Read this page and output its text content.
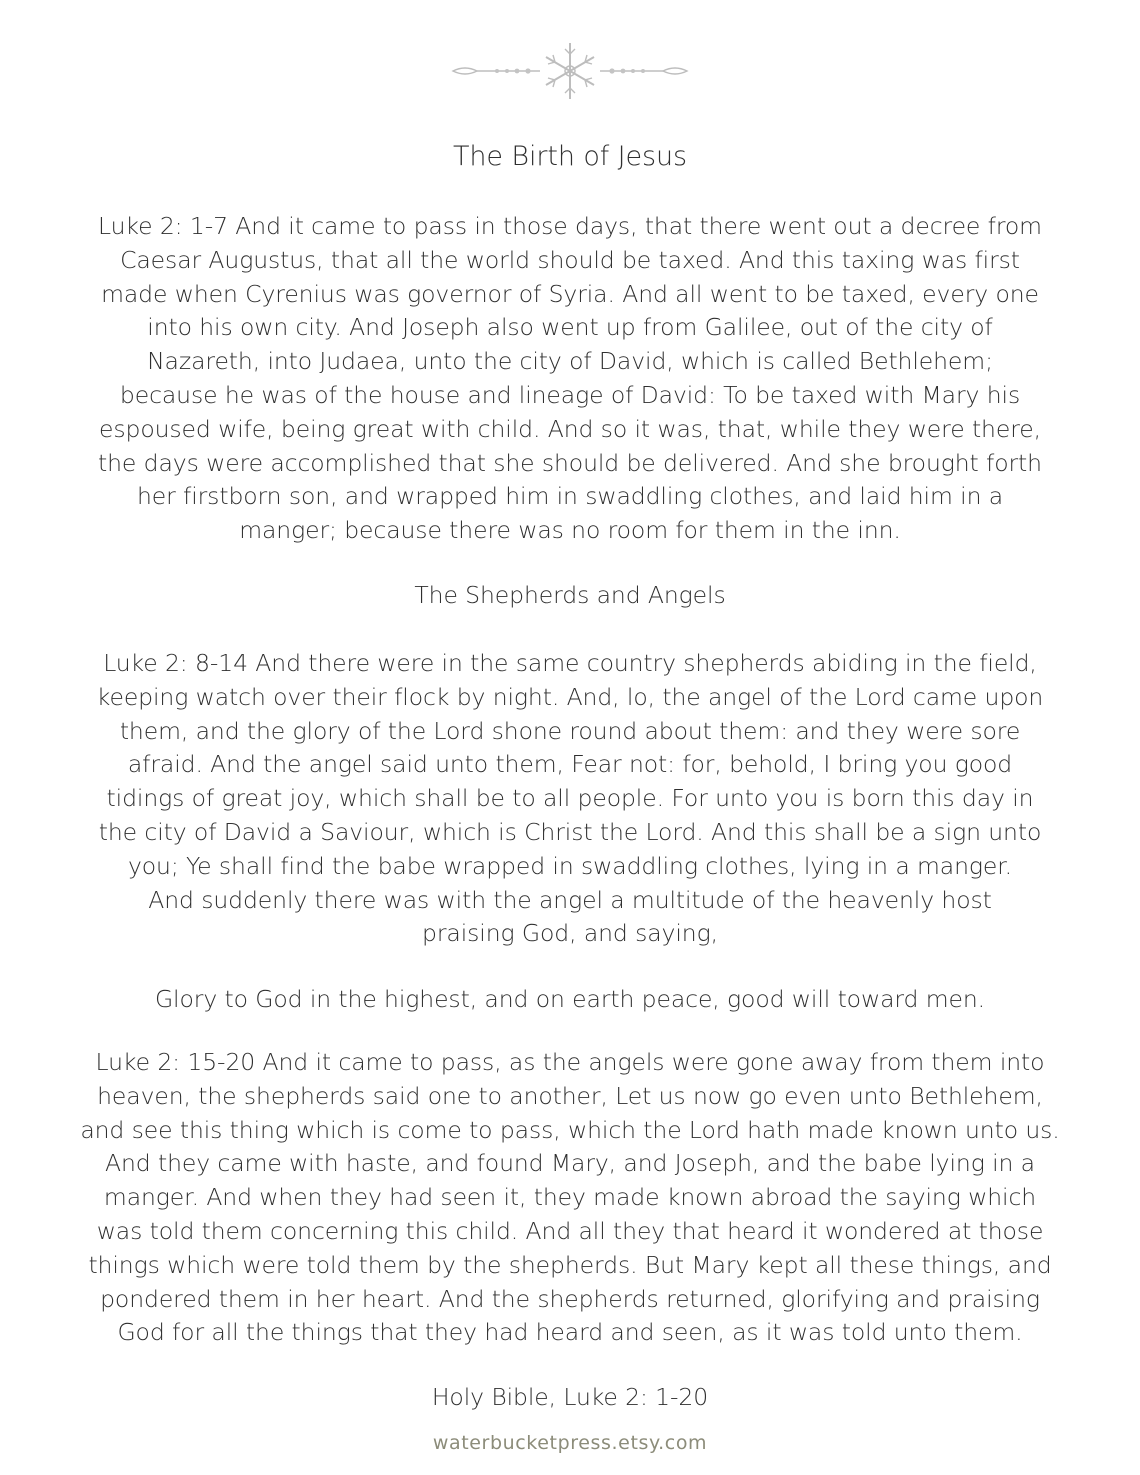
The Birth of Jesus
Luke 2: 1-7 And it came to pass in those days, that there went out a decree from
Caesar Augustus, that all the world should be taxed. And this taxing was first
made when Cyrenius was governor of Syria. And all went to be taxed, every one
into his own city. And Joseph also went up from Galilee, out of the city of
Nazareth, into Judaea, unto the city of David, which is called Bethlehem;
because he was of the house and lineage of David: To be taxed with Mary his
espoused wife, being great with child. And so it was, that, while they were there,
the days were accomplished that she should be delivered. And she brought forth
her firstborn son, and wrapped him in swaddling clothes, and laid him in a
manger; because there was no room for them in the inn.
The Shepherds and Angels
Luke 2: 8-14 And there were in the same country shepherds abiding in the field,
keeping watch over their flock by night. And, lo, the angel of the Lord came upon
them, and the glory of the Lord shone round about them: and they were sore
afraid. And the angel said unto them, Fear not: for, behold, I bring you good
tidings of great joy, which shall be to all people. For unto you is born this day in
the city of David a Saviour, which is Christ the Lord. And this shall be a sign unto
you; Ye shall find the babe wrapped in swaddling clothes, lying in a manger.
And suddenly there was with the angel a multitude of the heavenly host
praising God, and saying,
Glory to God in the highest, and on earth peace, good will toward men.
Luke 2: 15-20 And it came to pass, as the angels were gone away from them into
heaven, the shepherds said one to another, Let us now go even unto Bethlehem,
and see this thing which is come to pass, which the Lord hath made known unto us.
And they came with haste, and found Mary, and Joseph, and the babe lying in a
manger. And when they had seen it, they made known abroad the saying which
was told them concerning this child. And all they that heard it wondered at those
things which were told them by the shepherds. But Mary kept all these things, and
pondered them in her heart. And the shepherds returned, glorifying and praising
God for all the things that they had heard and seen, as it was told unto them.
Holy Bible, Luke 2: 1-20
waterbucketpress.etsy.com
